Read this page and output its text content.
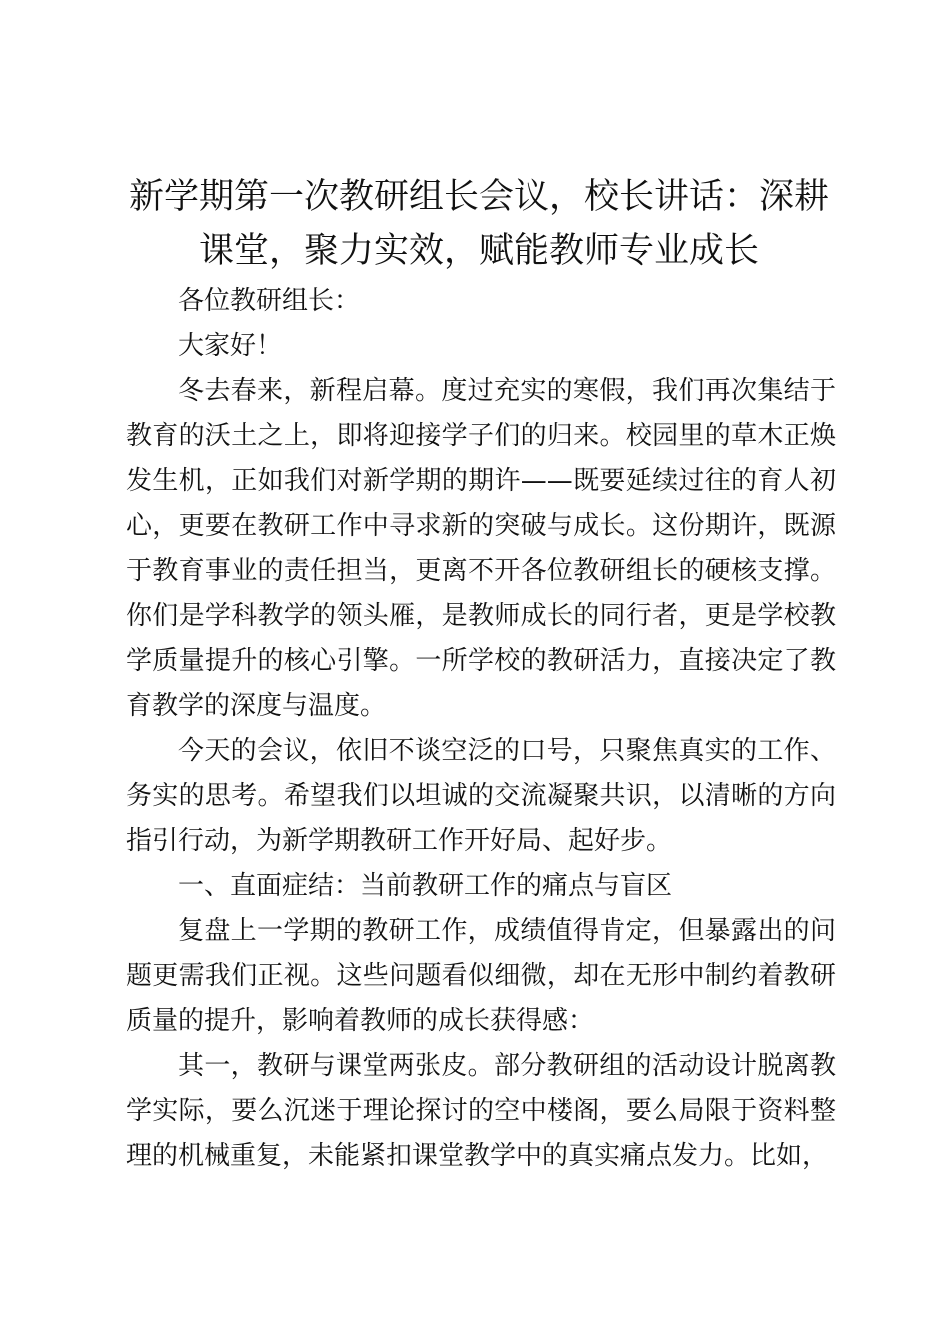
新学期第一次教研组长会议，校长讲话：深耕课堂，聚力实效，赋能教师专业成长

各位教研组长：

大家好！

冬去春来，新程启幕。度过充实的寒假，我们再次集结于教育的沃土之上，即将迎接学子们的归来。校园里的草木正焕发生机，正如我们对新学期的期许——既要延续过往的育人初心，更要在教研工作中寻求新的突破与成长。这份期许，既源于教育事业的责任担当，更离不开各位教研组长的硬核支撑。你们是学科教学的领头雁，是教师成长的同行者，更是学校教学质量提升的核心引擎。一所学校的教研活力，直接决定了教育教学的深度与温度。

今天的会议，依旧不谈空泛的口号，只聚焦真实的工作、务实的思考。希望我们以坦诚的交流凝聚共识，以清晰的方向指引行动，为新学期教研工作开好局、起好步。

一、直面症结：当前教研工作的痛点与盲区

复盘上一学期的教研工作，成绩值得肯定，但暴露出的问题更需我们正视。这些问题看似细微，却在无形中制约着教研质量的提升，影响着教师的成长获得感：

其一，教研与课堂两张皮。部分教研组的活动设计脱离教学实际，要么沉迷于理论探讨的空中楼阁，要么局限于资料整理的机械重复，未能紧扣课堂教学中的真实痛点发力。比如，
